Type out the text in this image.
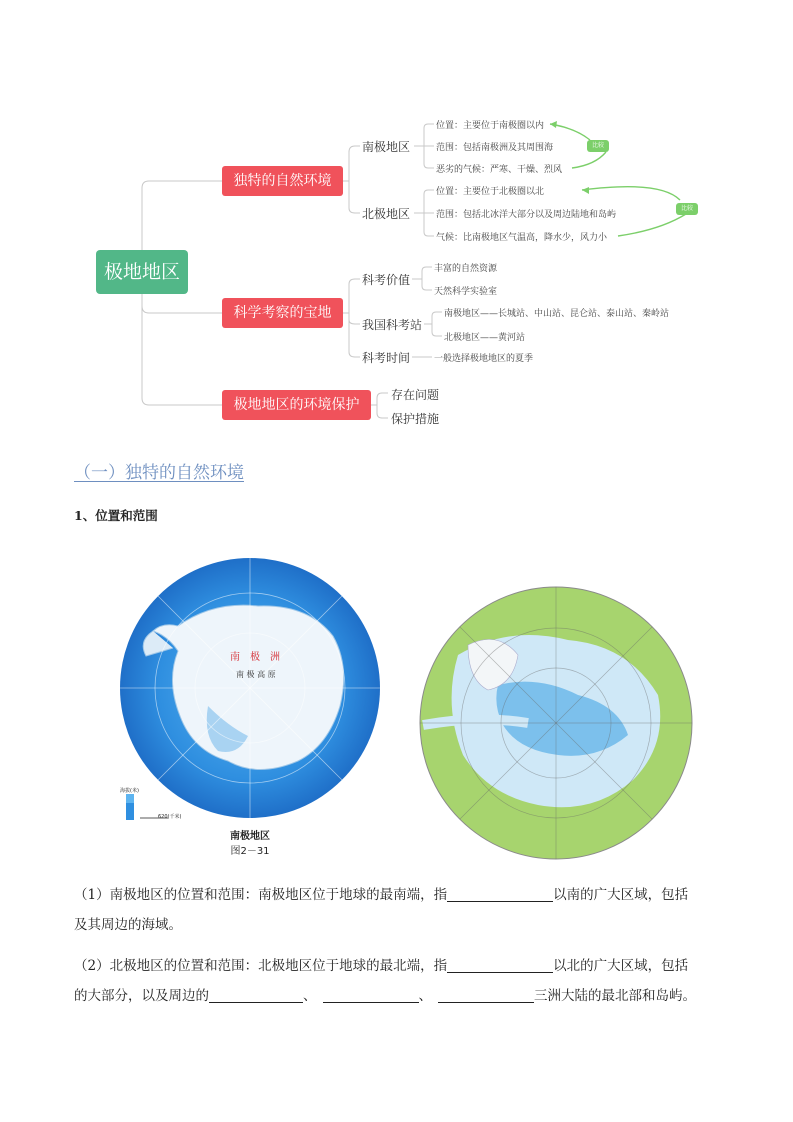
极地地区
独特的自然环境
科学考察的宝地
极地地区的环境保护
南极地区
北极地区
位置：主要位于南极圈以内
范围：包括南极洲及其周围海
恶劣的气候：严寒、干燥、烈风
位置：主要位于北极圈以北
范围：包括北冰洋大部分以及周边陆地和岛屿
气候：比南极地区气温高，降水少，风力小
比较
比较
科考价值
我国科考站
科考时间
丰富的自然资源
天然科学实验室
南极地区——长城站、中山站、昆仑站、泰山站、秦岭站
北极地区——黄河站
一般选择极地地区的夏季
存在问题
保护措施
（一）独特的自然环境
1、位置和范围
南　极　洲
南 极 高 原
海拔(米)
620(千米)
南极地区
图2－31
（1）南极地区的位置和范围：南极地区位于地球的最南端，指	以南的广大区域，包括
及其周边的海域。
（2）北极地区的位置和范围：北极地区位于地球的最北端，指	以北的广大区域，包括
的大部分，以及周边的	、	、	三洲大陆的最北部和岛屿。
